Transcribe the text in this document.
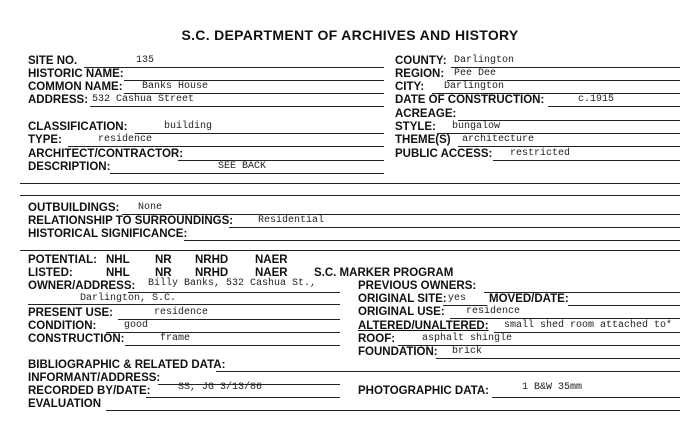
S.C. DEPARTMENT OF ARCHIVES AND HISTORY
SITE NO.	135
HISTORIC NAME:
COMMON NAME: Banks House
ADDRESS: 532 Cashua Street
COUNTY: Darlington
REGION: Pee Dee
CITY: Darlington
DATE OF CONSTRUCTION:	c.1915
ACREAGE:
CLASSIFICATION:	building
TYPE:	residence
ARCHITECT/CONTRACTOR:
DESCRIPTION:	SEE BACK
STYLE: bungalow
THEME(S) architecture
PUBLIC ACCESS: restricted
OUTBUILDINGS: None
RELATIONSHIP TO SURROUNDINGS: Residential
HISTORICAL SIGNIFICANCE:
POTENTIAL: NHL NR NRHD NAER
LISTED:	NHL NR NRHD NAER S.C. MARKER PROGRAM
OWNER/ADDRESS: Billy Banks, 532 Cashua St.,
Darlington, S.C.
PRESENT USE:	residence
CONDITION:	good
CONSTRUCTION:	frame
PREVIOUS OWNERS:
ORIGINAL SITE: yes MOVED/DATE:
ORIGINAL USE: residence
ALTERED/UNALTERED: small shed room attached to*
ROOF:	asphalt shingle
FOUNDATION: brick
BIBLIOGRAPHIC & RELATED DATA:
INFORMANT/ADDRESS:
RECORDED BY/DATE:	SS, JG 3/13/86	PHOTOGRAPHIC DATA:	1 B&W 35mm
EVALUATION
